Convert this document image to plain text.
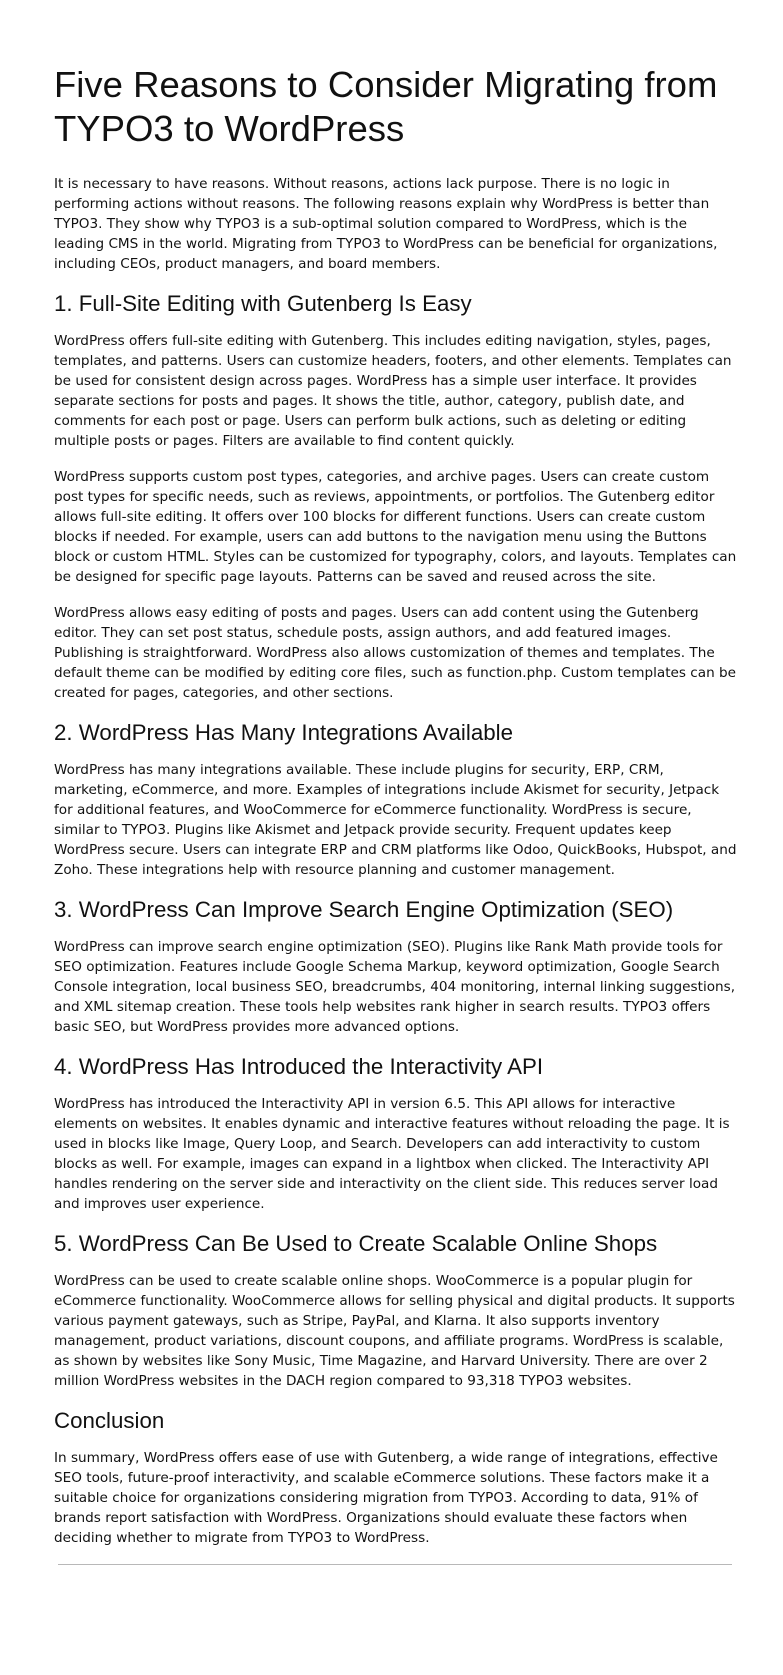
Five Reasons to Consider Migrating from TYPO3 to WordPress

It is necessary to have reasons. Without reasons, actions lack purpose. There is no logic in performing actions without reasons. The following reasons explain why WordPress is better than TYPO3. They show why TYPO3 is a sub-optimal solution compared to WordPress, which is the leading CMS in the world. Migrating from TYPO3 to WordPress can be beneficial for organizations, including CEOs, product managers, and board members.

1. Full-Site Editing with Gutenberg Is Easy

WordPress offers full-site editing with Gutenberg. This includes editing navigation, styles, pages, templates, and patterns. Users can customize headers, footers, and other elements. Templates can be used for consistent design across pages. WordPress has a simple user interface. It provides separate sections for posts and pages. It shows the title, author, category, publish date, and comments for each post or page. Users can perform bulk actions, such as deleting or editing multiple posts or pages. Filters are available to find content quickly.

WordPress supports custom post types, categories, and archive pages. Users can create custom post types for specific needs, such as reviews, appointments, or portfolios. The Gutenberg editor allows full-site editing. It offers over 100 blocks for different functions. Users can create custom blocks if needed. For example, users can add buttons to the navigation menu using the Buttons block or custom HTML. Styles can be customized for typography, colors, and layouts. Templates can be designed for specific page layouts. Patterns can be saved and reused across the site.

WordPress allows easy editing of posts and pages. Users can add content using the Gutenberg editor. They can set post status, schedule posts, assign authors, and add featured images. Publishing is straightforward. WordPress also allows customization of themes and templates. The default theme can be modified by editing core files, such as function.php. Custom templates can be created for pages, categories, and other sections.

2. WordPress Has Many Integrations Available

WordPress has many integrations available. These include plugins for security, ERP, CRM, marketing, eCommerce, and more. Examples of integrations include Akismet for security, Jetpack for additional features, and WooCommerce for eCommerce functionality. WordPress is secure, similar to TYPO3. Plugins like Akismet and Jetpack provide security. Frequent updates keep WordPress secure. Users can integrate ERP and CRM platforms like Odoo, QuickBooks, Hubspot, and Zoho. These integrations help with resource planning and customer management.

3. WordPress Can Improve Search Engine Optimization (SEO)

WordPress can improve search engine optimization (SEO). Plugins like Rank Math provide tools for SEO optimization. Features include Google Schema Markup, keyword optimization, Google Search Console integration, local business SEO, breadcrumbs, 404 monitoring, internal linking suggestions, and XML sitemap creation. These tools help websites rank higher in search results. TYPO3 offers basic SEO, but WordPress provides more advanced options.

4. WordPress Has Introduced the Interactivity API

WordPress has introduced the Interactivity API in version 6.5. This API allows for interactive elements on websites. It enables dynamic and interactive features without reloading the page. It is used in blocks like Image, Query Loop, and Search. Developers can add interactivity to custom blocks as well. For example, images can expand in a lightbox when clicked. The Interactivity API handles rendering on the server side and interactivity on the client side. This reduces server load and improves user experience.

5. WordPress Can Be Used to Create Scalable Online Shops

WordPress can be used to create scalable online shops. WooCommerce is a popular plugin for eCommerce functionality. WooCommerce allows for selling physical and digital products. It supports various payment gateways, such as Stripe, PayPal, and Klarna. It also supports inventory management, product variations, discount coupons, and affiliate programs. WordPress is scalable, as shown by websites like Sony Music, Time Magazine, and Harvard University. There are over 2 million WordPress websites in the DACH region compared to 93,318 TYPO3 websites.

Conclusion

In summary, WordPress offers ease of use with Gutenberg, a wide range of integrations, effective SEO tools, future-proof interactivity, and scalable eCommerce solutions. These factors make it a suitable choice for organizations considering migration from TYPO3. According to data, 91% of brands report satisfaction with WordPress. Organizations should evaluate these factors when deciding whether to migrate from TYPO3 to WordPress.
